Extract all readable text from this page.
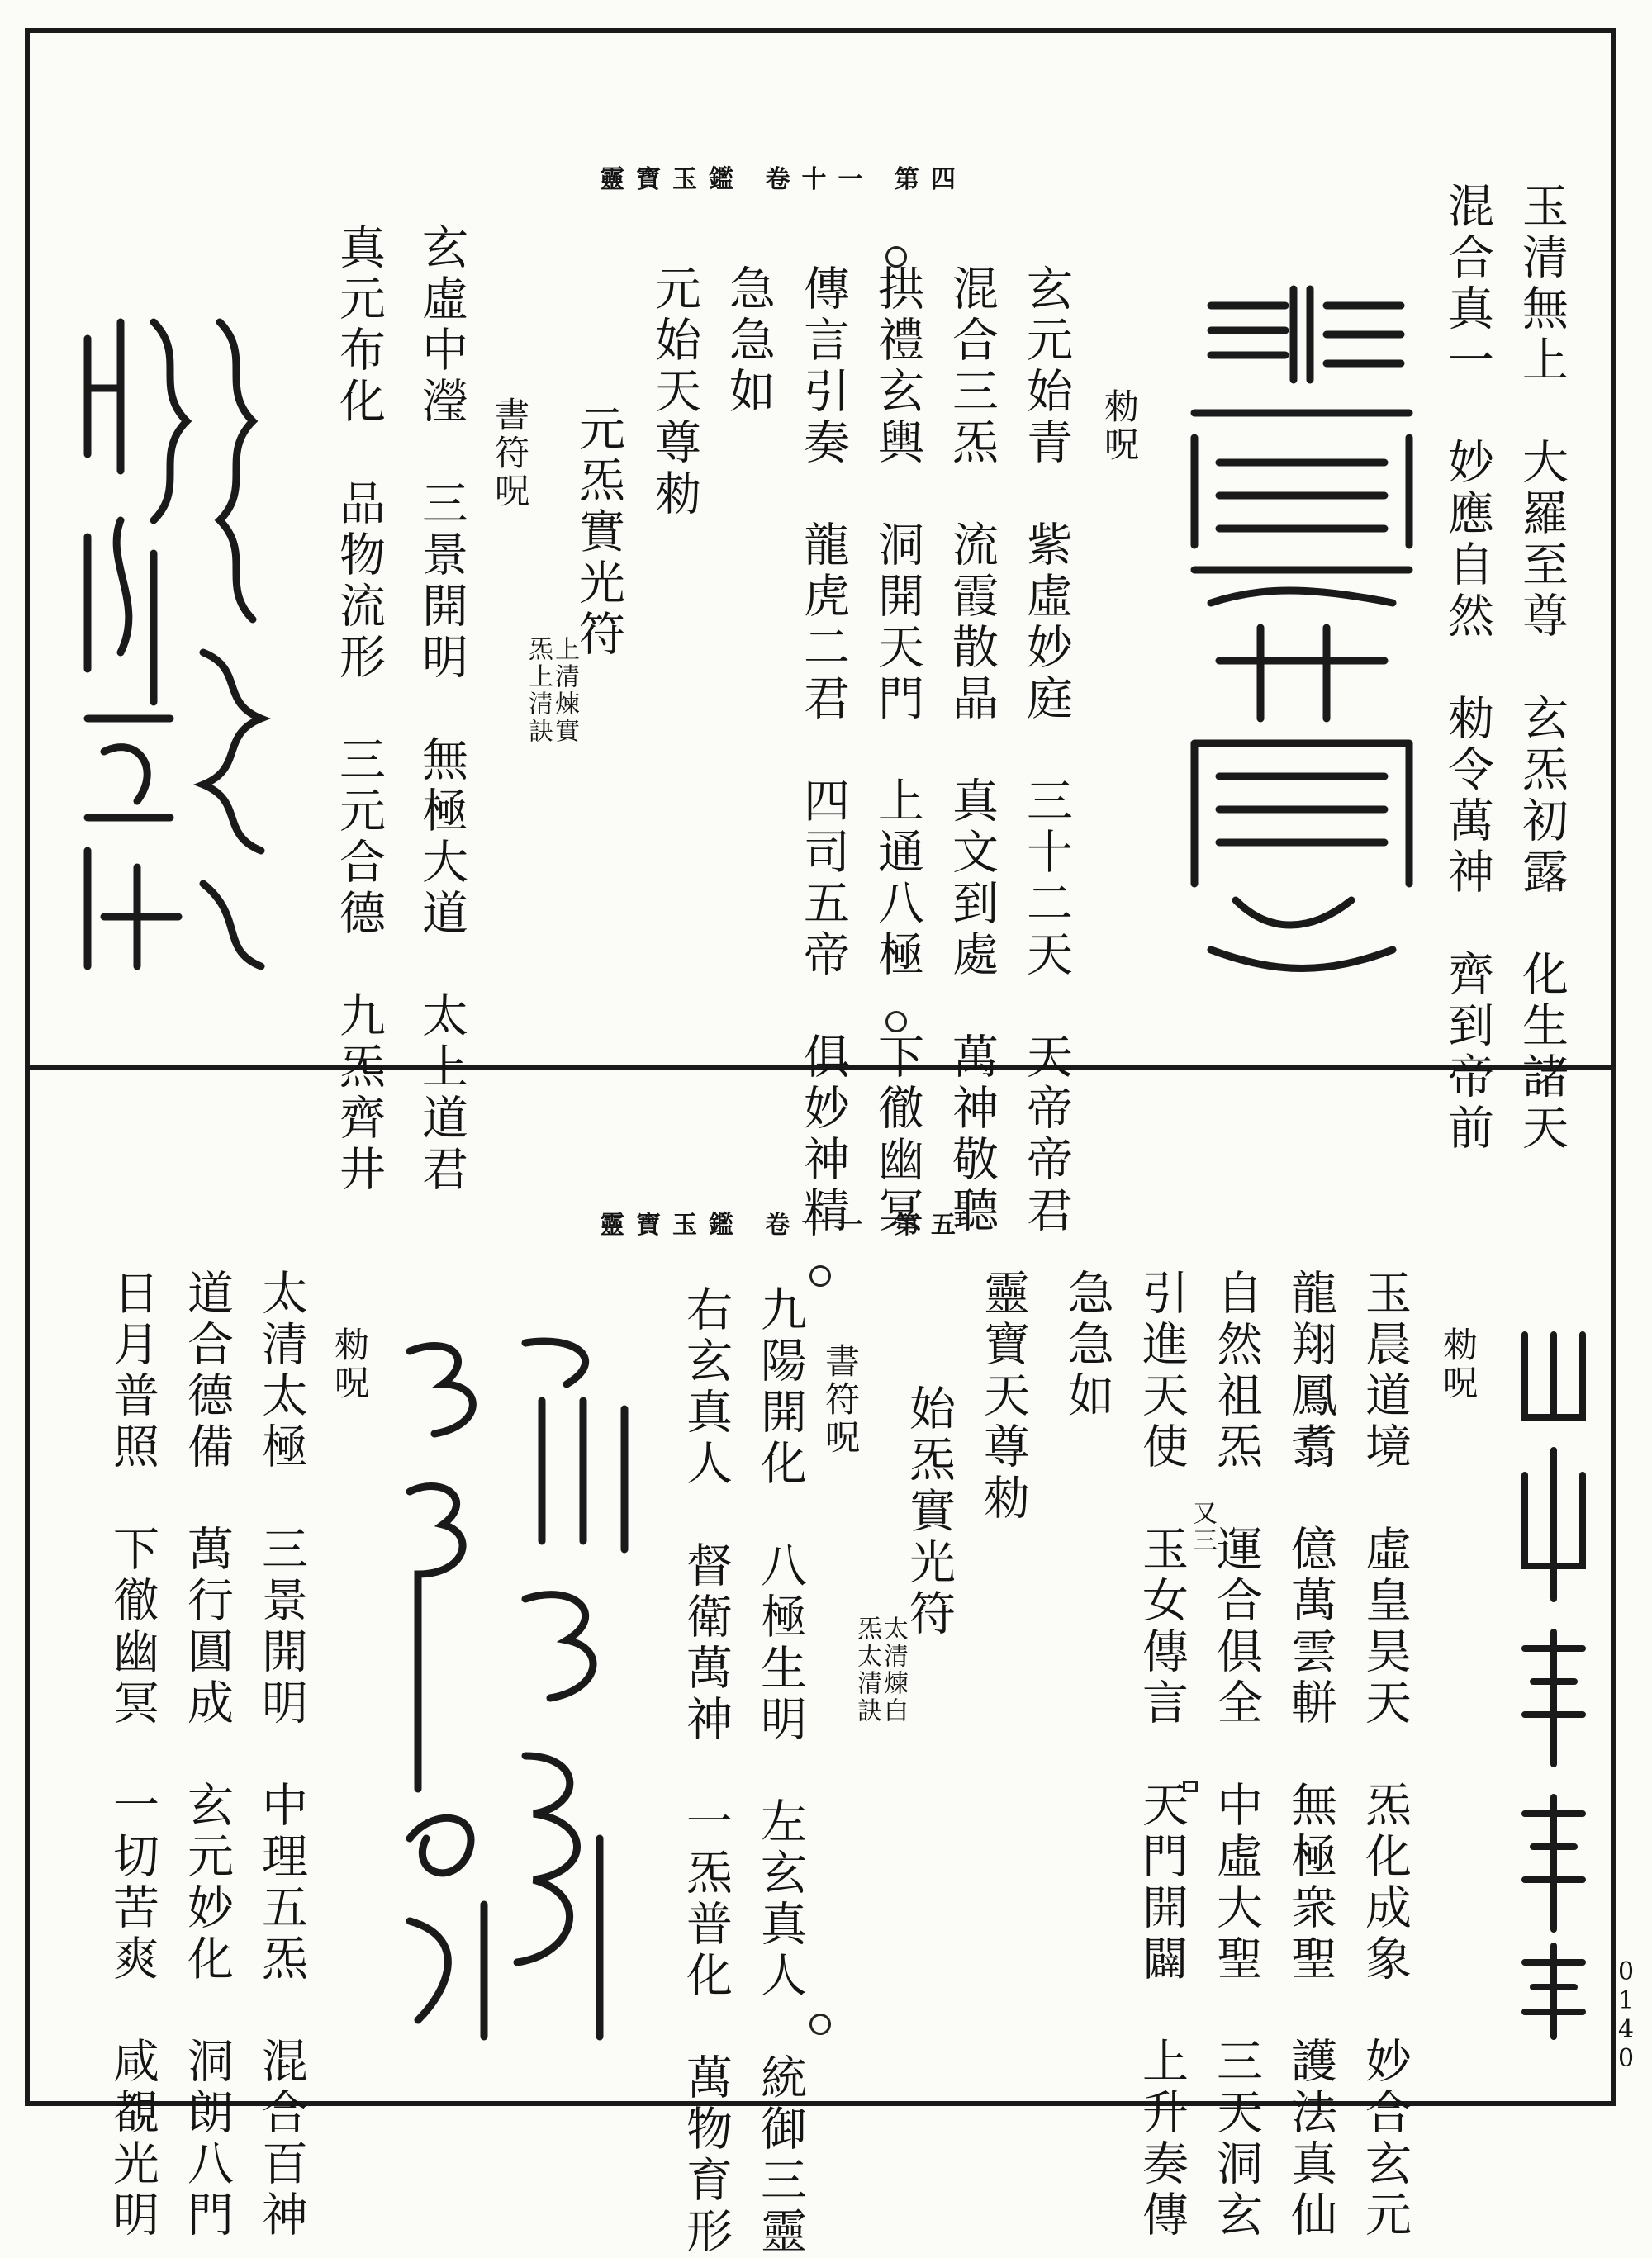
靈寶玉鑑 卷十一 第四
玉清無上　大羅至尊　玄炁初露　化生諸天
混合真一　妙應自然　勑令萬神　齊到帝前
勑呪
玄元始青　紫虛妙庭　三十二天　天帝帝君
混合三炁　流霞散晶　真文到處　萬神敬聽
拱禮玄輿　洞開天門　上通八極　下徹幽冥
傳言引奏　龍虎二君　四司五帝　俱妙神精
急急如
元始天尊勑
元炁實光符
上清煉實
炁上清訣
書符呪
玄虛中瀅　三景開明　無極大道　太上道君
真元布化　品物流形　三元合德　九炁齊井
靈寶玉鑑 卷十一 第五
勑呪
玉晨道境　虛皇昊天　炁化成象　妙合玄元
龍翔鳳翥　億萬雲軿　無極衆聖　護法真仙
自然祖炁　運合俱全　中虛大聖　三天洞玄
又三
引進天使　玉女傳言　天門開闢　上升奏傳
急急如
靈寶天尊勑
始炁實光符
太清煉白
炁太清訣
書符呪
九陽開化　八極生明　左玄真人　統御三靈
右玄真人　督衛萬神　一炁普化　萬物育形
勑呪
太清太極　三景開明　中理五炁　混合百神
道合德備　萬行圓成　玄元妙化　洞朗八門
日月普照　下徹幽冥　一切苦爽　咸覩光明	0140
